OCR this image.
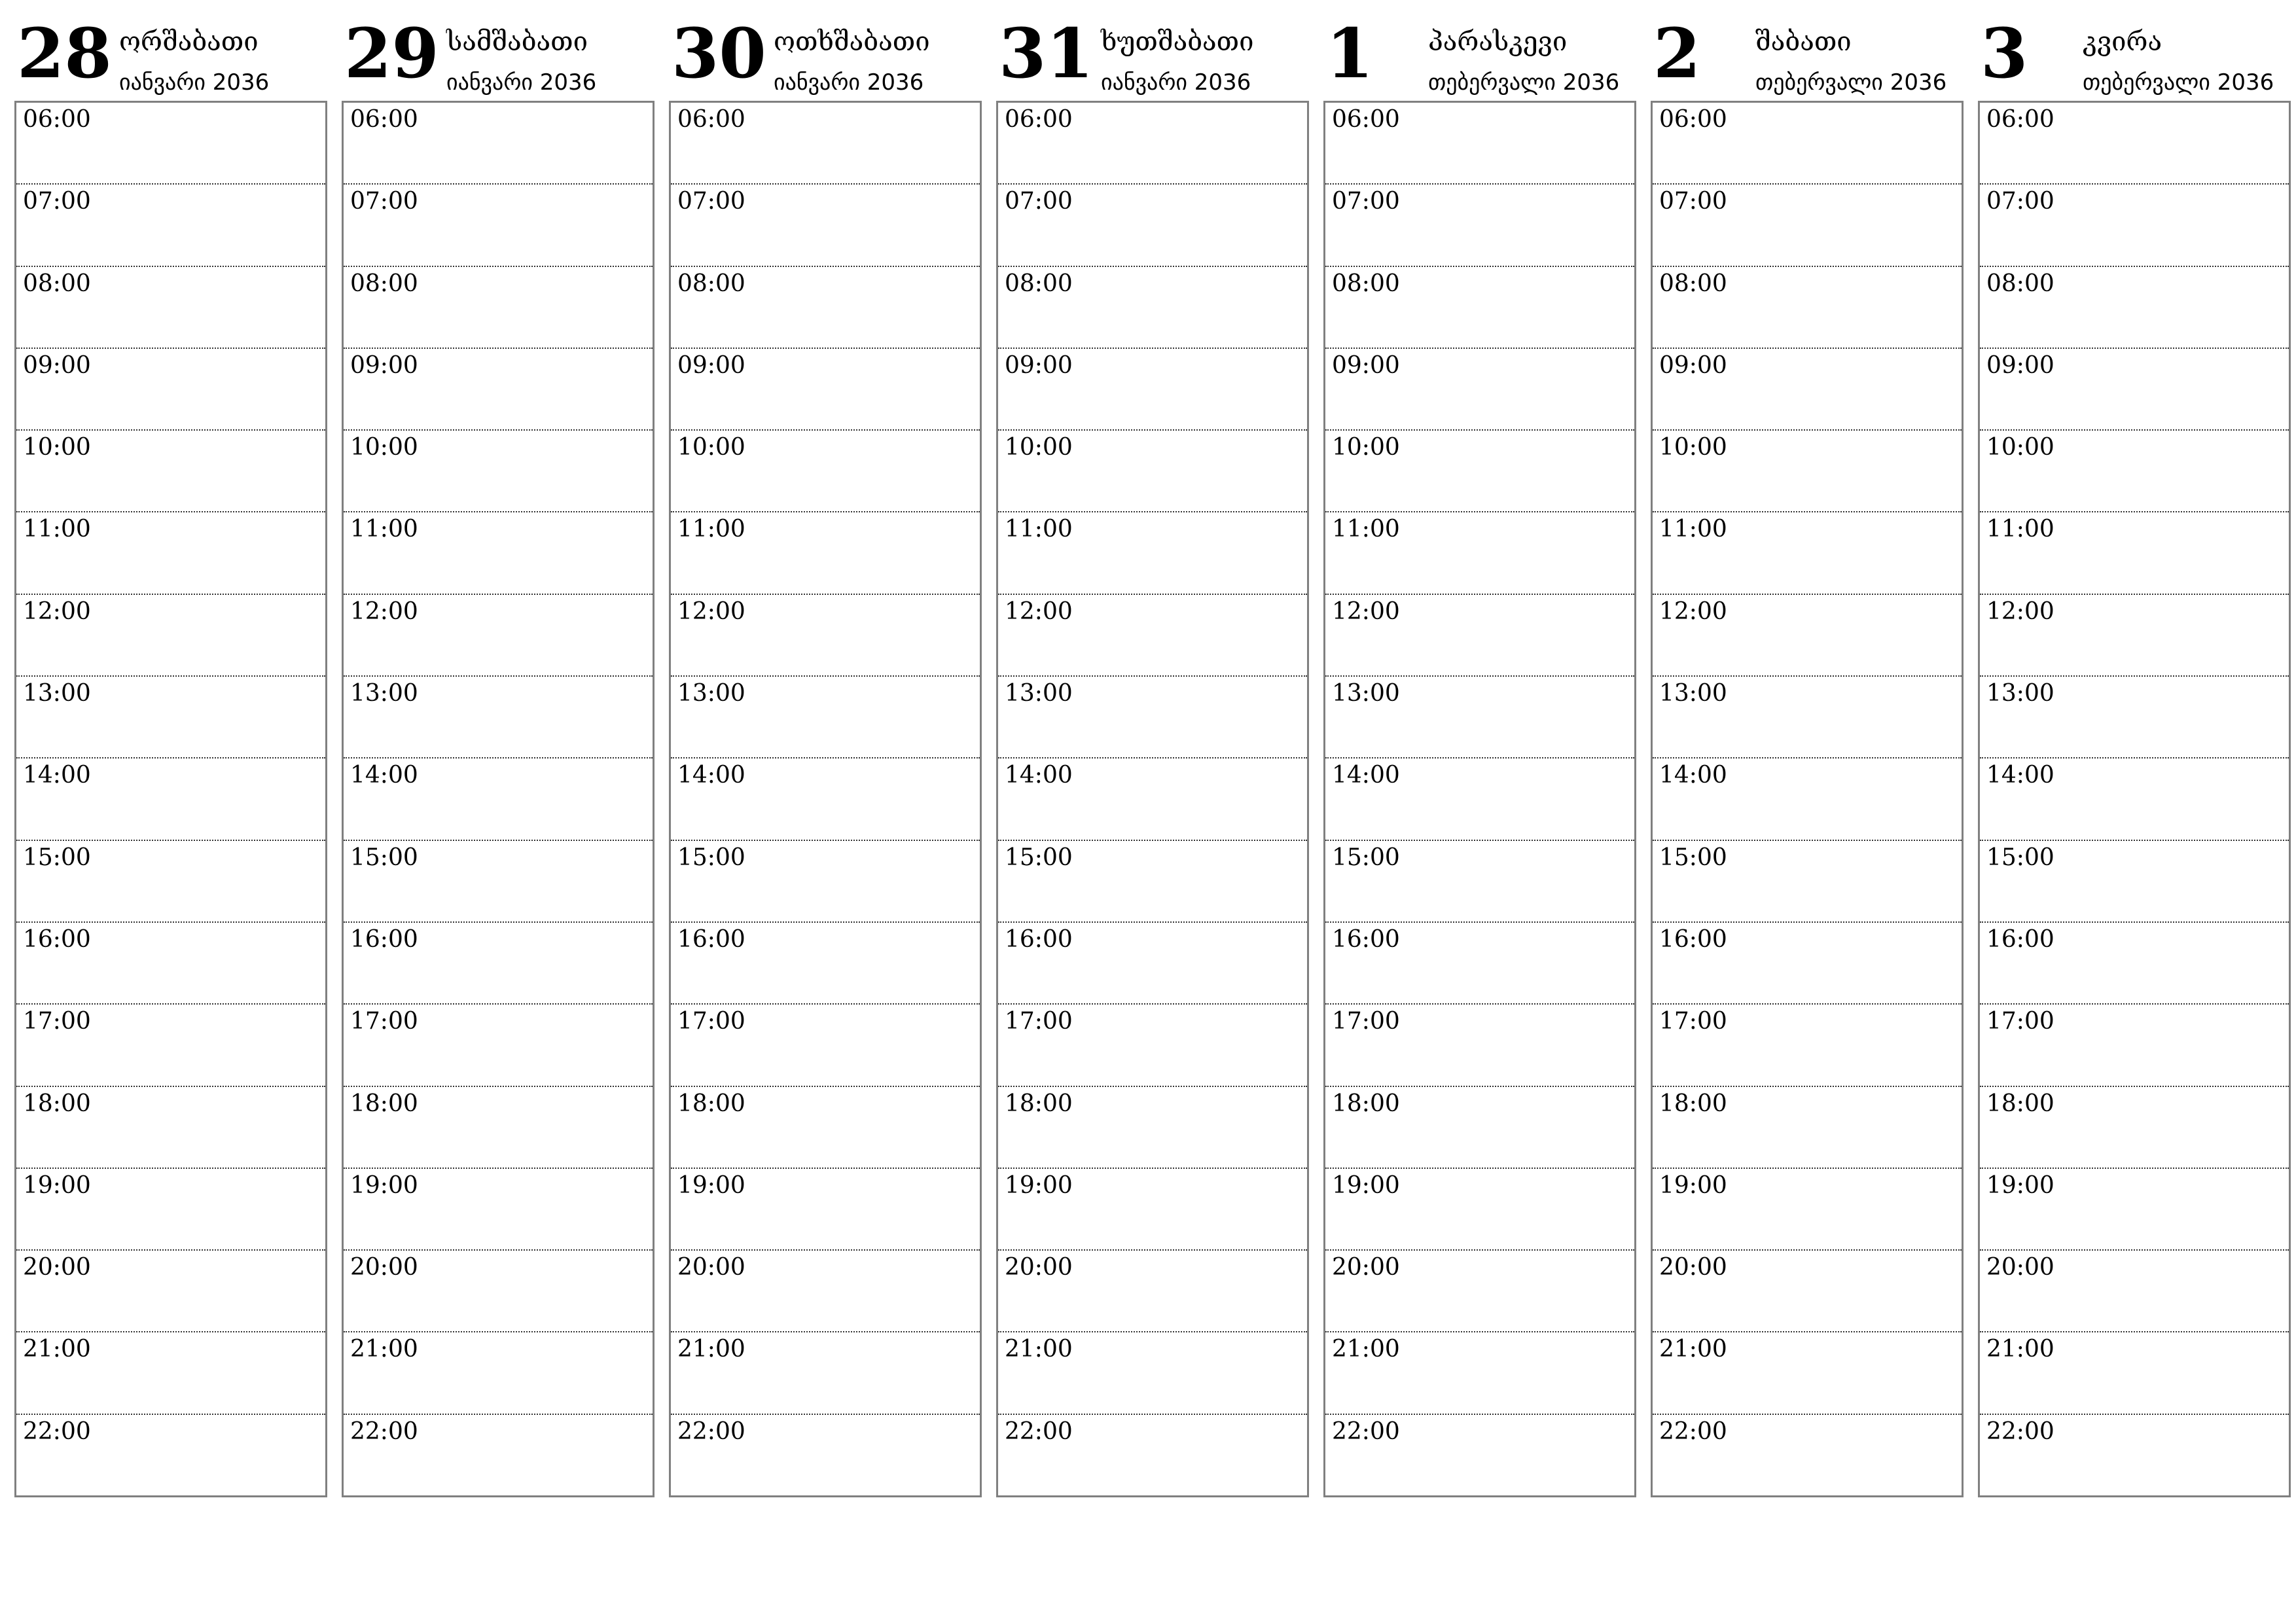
28 ორშაბათი
იანვარი 2036
06:00
07:00
08:00
09:00
10:00
11:00
12:00
13:00
14:00
15:00
16:00
17:00
18:00
19:00
20:00
21:00
22:00
29 სამშაბათი
იანვარი 2036
06:00
07:00
08:00
09:00
10:00
11:00
12:00
13:00
14:00
15:00
16:00
17:00
18:00
19:00
20:00
21:00
22:00
30 ოთხშაბათი
იანვარი 2036
06:00
07:00
08:00
09:00
10:00
11:00
12:00
13:00
14:00
15:00
16:00
17:00
18:00
19:00
20:00
21:00
22:00
31 ხუთშაბათი
იანვარი 2036
06:00
07:00
08:00
09:00
10:00
11:00
12:00
13:00
14:00
15:00
16:00
17:00
18:00
19:00
20:00
21:00
22:00
1 პარასკევი
თებერვალი 2036
06:00
07:00
08:00
09:00
10:00
11:00
12:00
13:00
14:00
15:00
16:00
17:00
18:00
19:00
20:00
21:00
22:00
2 შაბათი
თებერვალი 2036
06:00
07:00
08:00
09:00
10:00
11:00
12:00
13:00
14:00
15:00
16:00
17:00
18:00
19:00
20:00
21:00
22:00
3 კვირა
თებერვალი 2036
06:00
07:00
08:00
09:00
10:00
11:00
12:00
13:00
14:00
15:00
16:00
17:00
18:00
19:00
20:00
21:00
22:00
